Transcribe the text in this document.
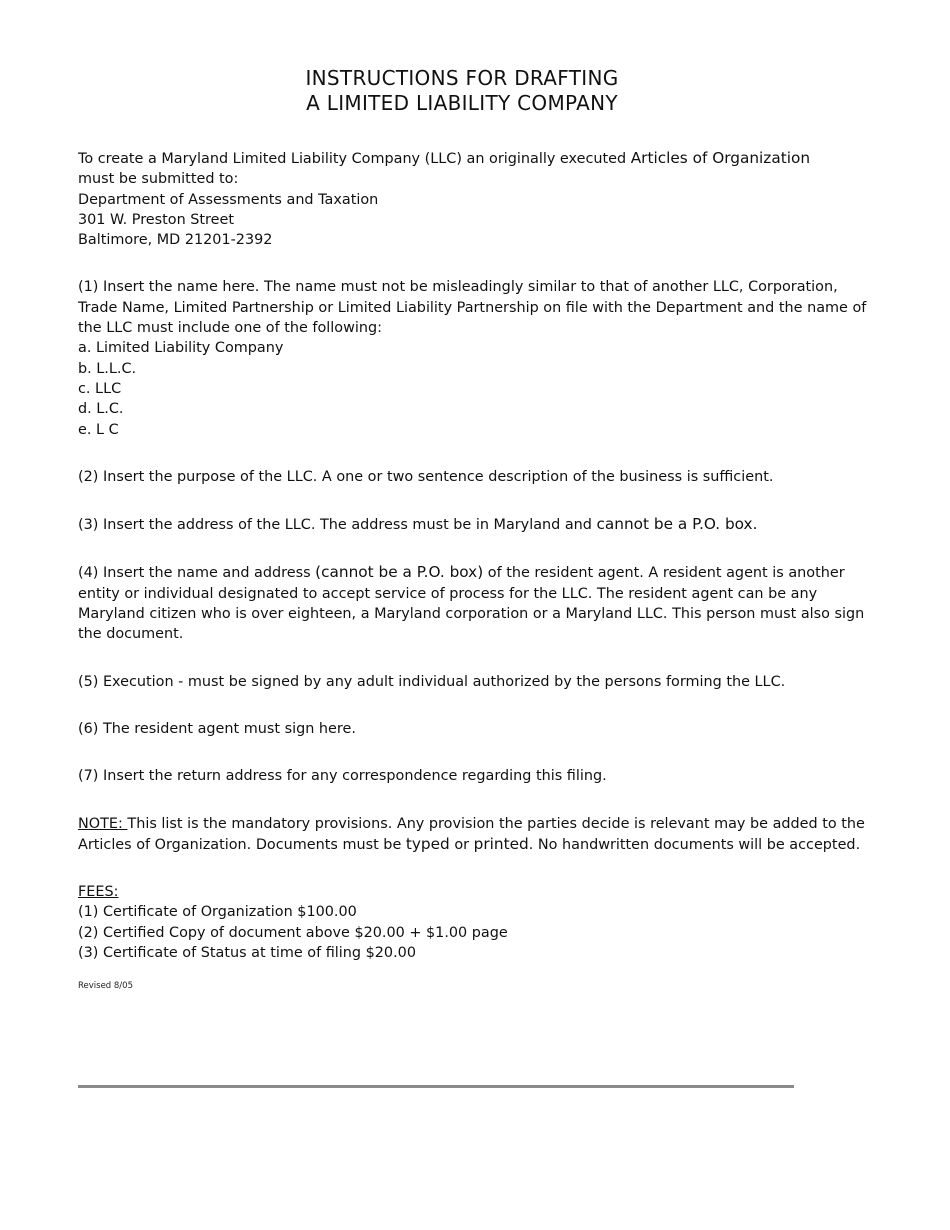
INSTRUCTIONS FOR DRAFTING
A LIMITED LIABILITY COMPANY

To create a Maryland Limited Liability Company (LLC) an originally executed Articles of Organization
must be submitted to:
Department of Assessments and Taxation
301 W. Preston Street
Baltimore, MD 21201-2392

(1) Insert the name here. The name must not be misleadingly similar to that of another LLC, Corporation, Trade Name, Limited Partnership or Limited Liability Partnership on file with the Department and the name of the LLC must include one of the following:
a. Limited Liability Company
b. L.L.C.
c. LLC
d. L.C.
e. L C

(2) Insert the purpose of the LLC. A one or two sentence description of the business is sufficient.

(3) Insert the address of the LLC. The address must be in Maryland and cannot be a P.O. box.

(4) Insert the name and address (cannot be a P.O. box) of the resident agent. A resident agent is another entity or individual designated to accept service of process for the LLC. The resident agent can be any Maryland citizen who is over eighteen, a Maryland corporation or a Maryland LLC. This person must also sign the document.

(5) Execution - must be signed by any adult individual authorized by the persons forming the LLC.

(6) The resident agent must sign here.

(7) Insert the return address for any correspondence regarding this filing.

NOTE: This list is the mandatory provisions. Any provision the parties decide is relevant may be added to the Articles of Organization. Documents must be typed or printed. No handwritten documents will be accepted.

FEES:
(1) Certificate of Organization $100.00
(2) Certified Copy of document above $20.00 + $1.00 page
(3) Certificate of Status at time of filing $20.00

Revised 8/05
